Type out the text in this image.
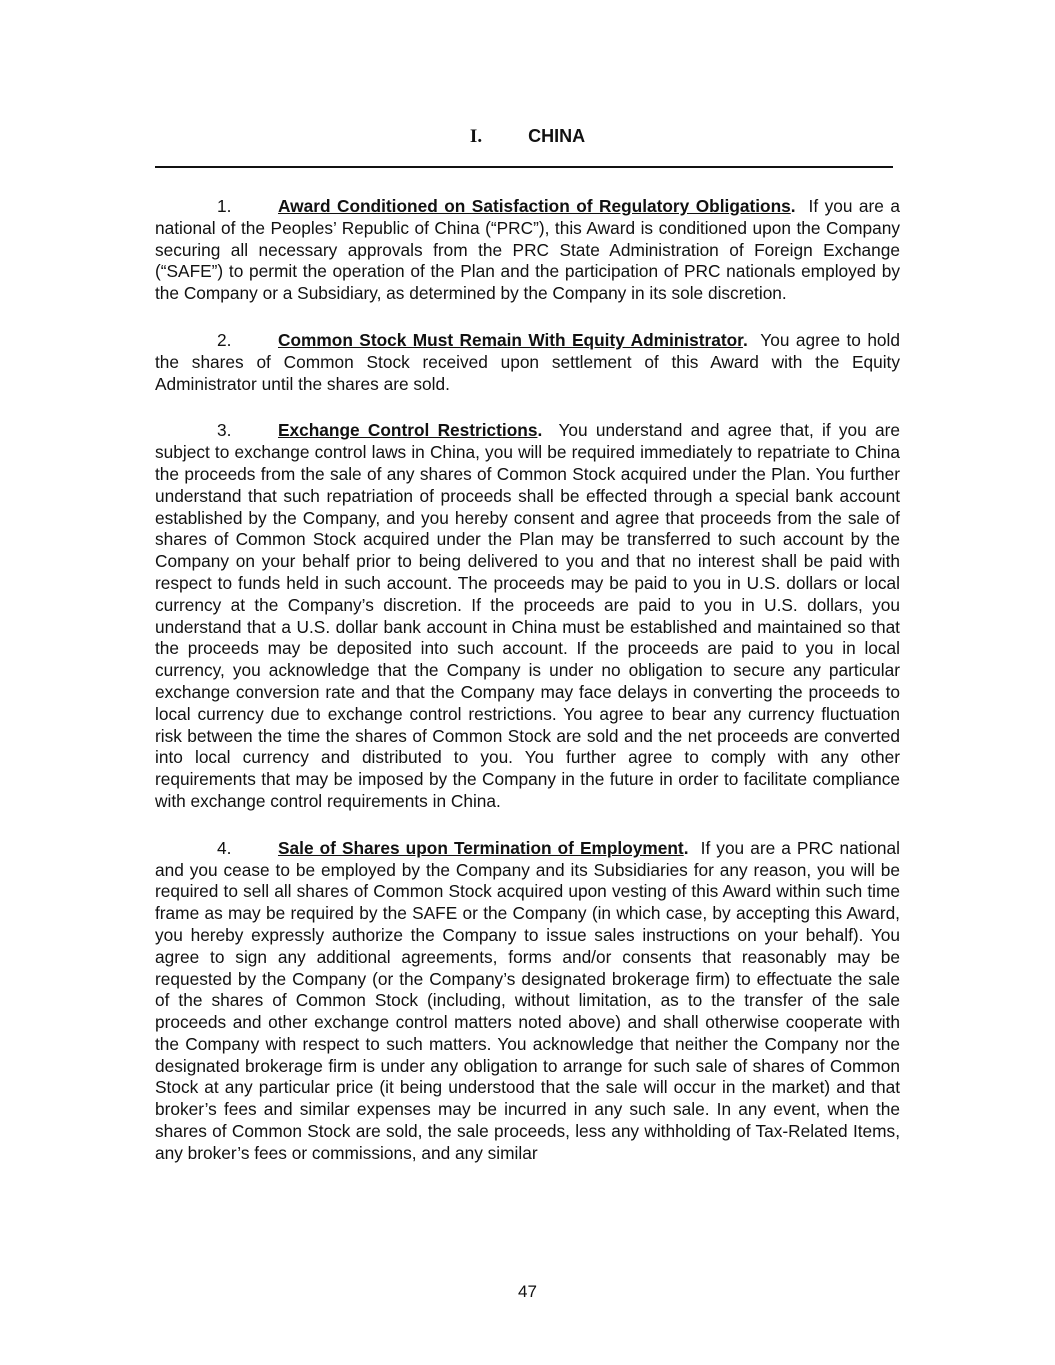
I.	CHINA

1.	Award Conditioned on Satisfaction of Regulatory Obligations. If you are a national of the Peoples’ Republic of China (“PRC”), this Award is conditioned upon the Company securing all necessary approvals from the PRC State Administration of Foreign Exchange (“SAFE”) to permit the operation of the Plan and the participation of PRC nationals employed by the Company or a Subsidiary, as determined by the Company in its sole discretion.

2.	Common Stock Must Remain With Equity Administrator. You agree to hold the shares of Common Stock received upon settlement of this Award with the Equity Administrator until the shares are sold.

3.	Exchange Control Restrictions. You understand and agree that, if you are subject to exchange control laws in China, you will be required immediately to repatriate to China the proceeds from the sale of any shares of Common Stock acquired under the Plan. You further understand that such repatriation of proceeds shall be effected through a special bank account established by the Company, and you hereby consent and agree that proceeds from the sale of shares of Common Stock acquired under the Plan may be transferred to such account by the Company on your behalf prior to being delivered to you and that no interest shall be paid with respect to funds held in such account. The proceeds may be paid to you in U.S. dollars or local currency at the Company’s discretion. If the proceeds are paid to you in U.S. dollars, you understand that a U.S. dollar bank account in China must be established and maintained so that the proceeds may be deposited into such account. If the proceeds are paid to you in local currency, you acknowledge that the Company is under no obligation to secure any particular exchange conversion rate and that the Company may face delays in converting the proceeds to local currency due to exchange control restrictions. You agree to bear any currency fluctuation risk between the time the shares of Common Stock are sold and the net proceeds are converted into local currency and distributed to you. You further agree to comply with any other requirements that may be imposed by the Company in the future in order to facilitate compliance with exchange control requirements in China.

4.	Sale of Shares upon Termination of Employment. If you are a PRC national and you cease to be employed by the Company and its Subsidiaries for any reason, you will be required to sell all shares of Common Stock acquired upon vesting of this Award within such time frame as may be required by the SAFE or the Company (in which case, by accepting this Award, you hereby expressly authorize the Company to issue sales instructions on your behalf). You agree to sign any additional agreements, forms and/or consents that reasonably may be requested by the Company (or the Company’s designated brokerage firm) to effectuate the sale of the shares of Common Stock (including, without limitation, as to the transfer of the sale proceeds and other exchange control matters noted above) and shall otherwise cooperate with the Company with respect to such matters. You acknowledge that neither the Company nor the designated brokerage firm is under any obligation to arrange for such sale of shares of Common Stock at any particular price (it being understood that the sale will occur in the market) and that broker’s fees and similar expenses may be incurred in any such sale. In any event, when the shares of Common Stock are sold, the sale proceeds, less any withholding of Tax-Related Items, any broker’s fees or commissions, and any similar

47
